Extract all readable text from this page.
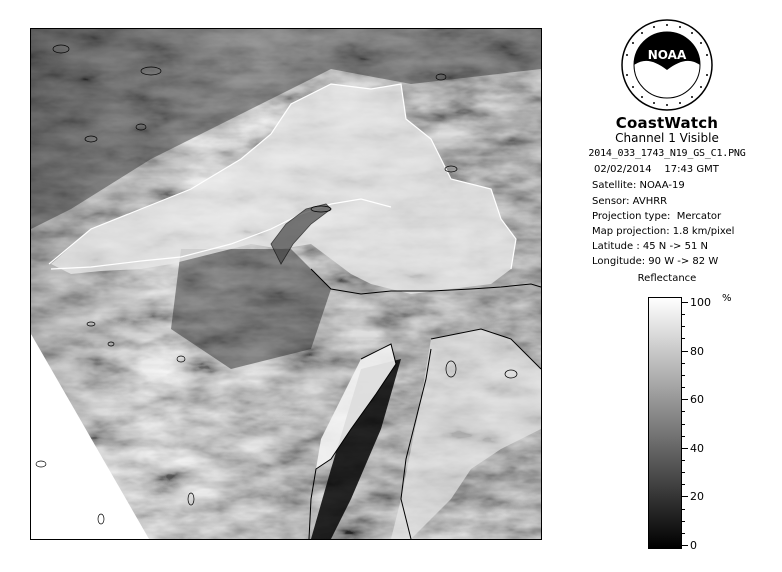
NOAA
CoastWatch
Channel 1 Visible
2014_033_1743_N19_GS_C1.PNG
02/02/2014    17:43 GMT
Satellite: NOAA-19
Sensor: AVHRR
Projection type:  Mercator
Map projection: 1.8 km/pixel
Latitude : 45 N -> 51 N
Longitude: 90 W -> 82 W
Reflectance
%
100
80
60
40
20
0
